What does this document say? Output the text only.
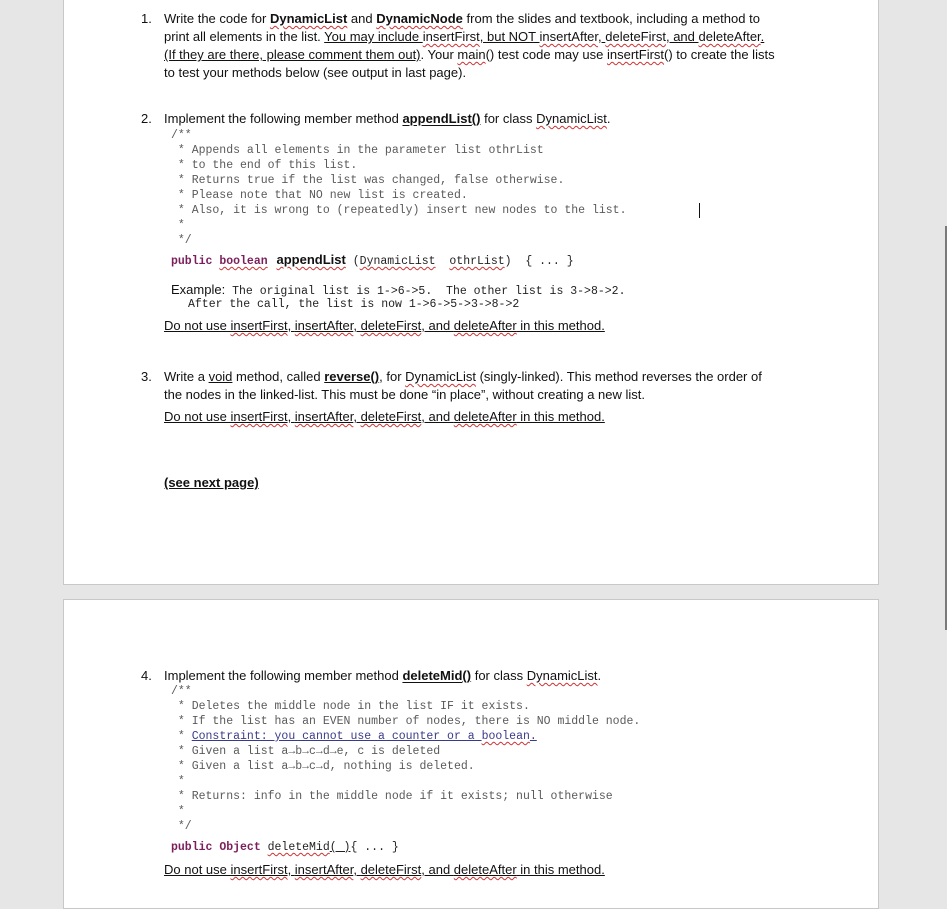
1. Write the code for DynamicList and DynamicNode from the slides and textbook, including a method to
print all elements in the list. You may include insertFirst, but NOT insertAfter, deleteFirst, and deleteAfter.
(If they are there, please comment them out). Your main() test code may use insertFirst() to create the lists
to test your methods below (see output in last page).
2. Implement the following member method appendList() for class DynamicList.
/**
* Appends all elements in the parameter list othrList
* to the end of this list.
* Returns true if the list was changed, false otherwise.
* Please note that NO new list is created.
* Also, it is wrong to (repeatedly) insert new nodes to the list.
*
*/
public boolean appendList (DynamicList othrList)  { ... }
Example: The original list is 1->6->5.  The other list is 3->8->2.
After the call, the list is now 1->6->5->3->8->2
Do not use insertFirst, insertAfter, deleteFirst, and deleteAfter in this method.
3. Write a void method, called reverse(), for DynamicList (singly-linked). This method reverses the order of
the nodes in the linked-list. This must be done “in place”, without creating a new list.
Do not use insertFirst, insertAfter, deleteFirst, and deleteAfter in this method.
(see next page)
4. Implement the following member method deleteMid() for class DynamicList.
/**
* Deletes the middle node in the list IF it exists.
* If the list has an EVEN number of nodes, there is NO middle node.
* Constraint: you cannot use a counter or a boolean.
* Given a list a→b→c→d→e, c is deleted
* Given a list a→b→c→d, nothing is deleted.
*
* Returns: info in the middle node if it exists; null otherwise
*
*/
public Object deleteMid( ){ ... }
Do not use insertFirst, insertAfter, deleteFirst, and deleteAfter in this method.
